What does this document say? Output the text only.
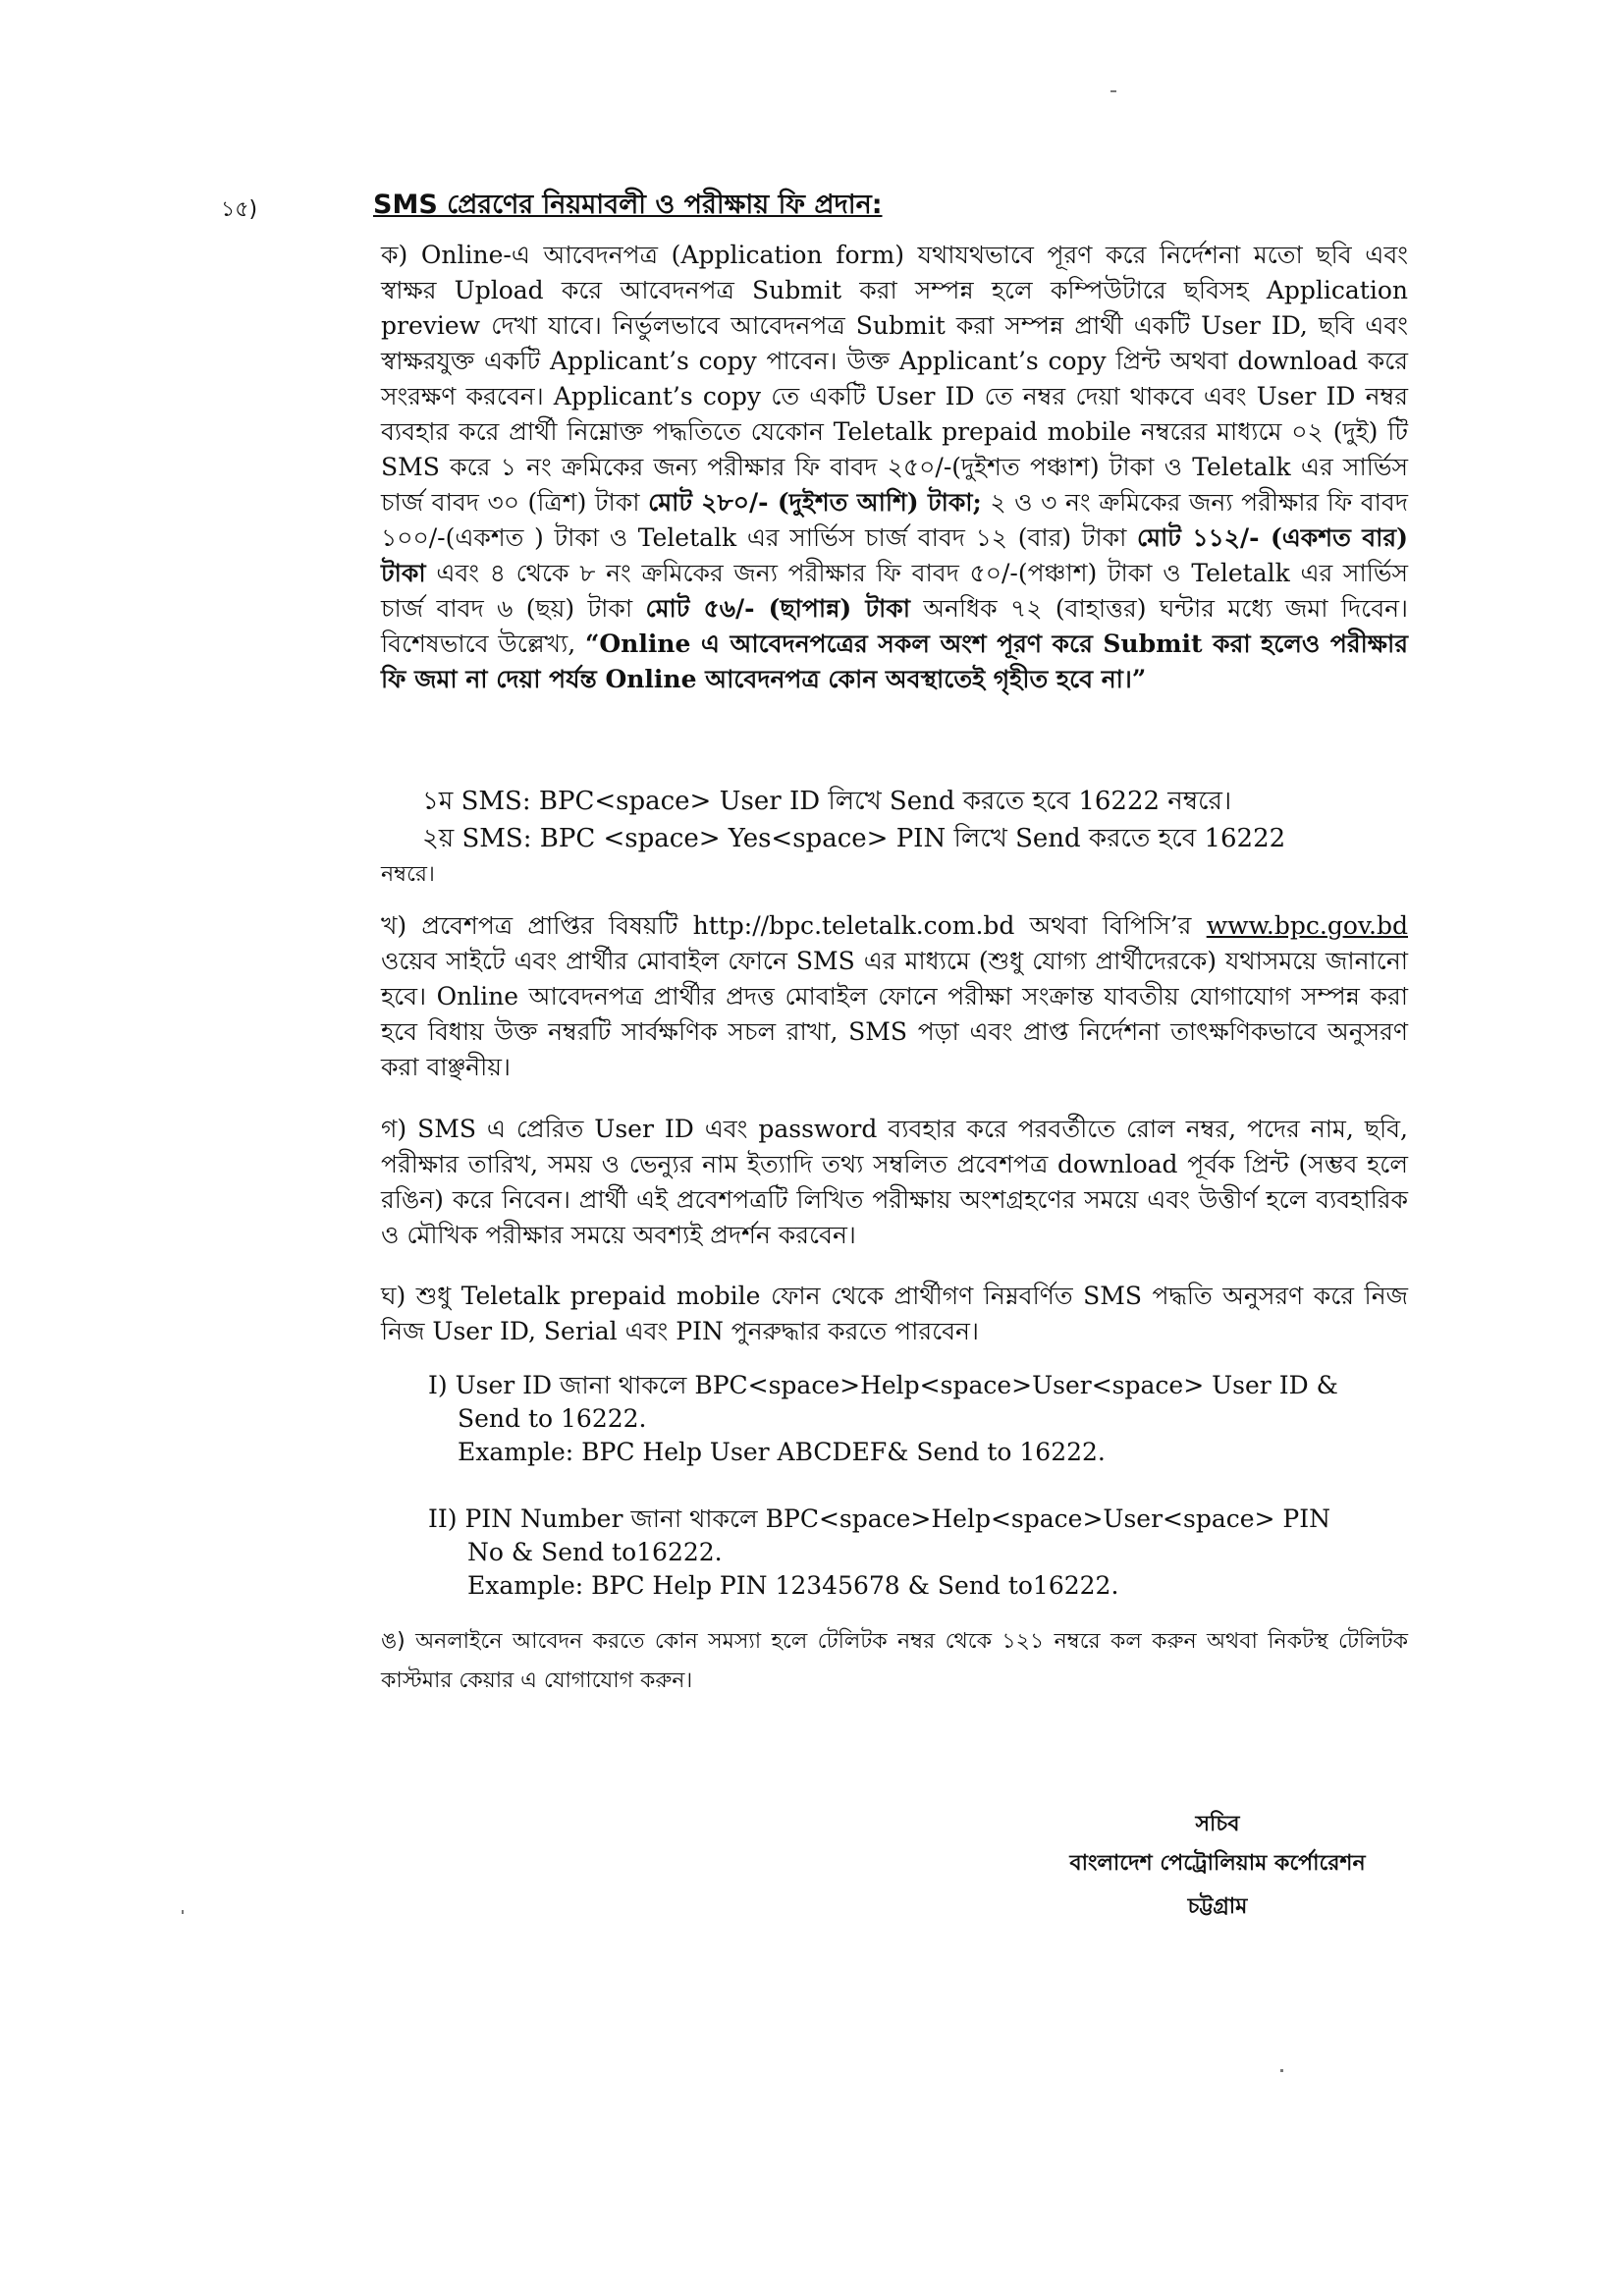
১৫)	SMS প্রেরণের নিয়মাবলী ও পরীক্ষায় ফি প্রদান:

ক) Online-এ আবেদনপত্র (Application form) যথাযথভাবে পূরণ করে নির্দেশনা মতো ছবি এবং স্বাক্ষর Upload করে আবেদনপত্র Submit করা সম্পন্ন হলে কম্পিউটারে ছবিসহ Application preview দেখা যাবে। নির্ভুলভাবে আবেদনপত্র Submit করা সম্পন্ন প্রার্থী একটি User ID, ছবি এবং স্বাক্ষরযুক্ত একটি Applicant’s copy পাবেন। উক্ত Applicant’s copy প্রিন্ট অথবা download করে সংরক্ষণ করবেন। Applicant’s copy তে একটি User ID তে নম্বর দেয়া থাকবে এবং User ID নম্বর ব্যবহার করে প্রার্থী নিম্নোক্ত পদ্ধতিতে যেকোন Teletalk prepaid mobile নম্বরের মাধ্যমে ০২ (দুই) টি SMS করে ১ নং ক্রমিকের জন্য পরীক্ষার ফি বাবদ ২৫০/-(দুইশত পঞ্চাশ) টাকা ও Teletalk এর সার্ভিস চার্জ বাবদ ৩০ (ত্রিশ) টাকা মোট ২৮০/- (দুইশত আশি) টাকা; ২ ও ৩ নং ক্রমিকের জন্য পরীক্ষার ফি বাবদ ১০০/-(একশত ) টাকা ও Teletalk এর সার্ভিস চার্জ বাবদ ১২ (বার) টাকা মোট ১১২/- (একশত বার) টাকা এবং ৪ থেকে ৮ নং ক্রমিকের জন্য পরীক্ষার ফি বাবদ ৫০/-(পঞ্চাশ) টাকা ও Teletalk এর সার্ভিস চার্জ বাবদ ৬ (ছয়) টাকা মোট ৫৬/- (ছাপান্ন) টাকা অনধিক ৭২ (বাহাত্তর) ঘন্টার মধ্যে জমা দিবেন। বিশেষভাবে উল্লেখ্য, “Online এ আবেদনপত্রের সকল অংশ পূরণ করে Submit করা হলেও পরীক্ষার ফি জমা না দেয়া পর্যন্ত Online আবেদনপত্র কোন অবস্থাতেই গৃহীত হবে না।”

১ম SMS: BPC<space> User ID লিখে Send করতে হবে 16222 নম্বরে।
২য় SMS: BPC <space> Yes<space> PIN লিখে Send করতে হবে 16222
নম্বরে।

খ) প্রবেশপত্র প্রাপ্তির বিষয়টি http://bpc.teletalk.com.bd অথবা বিপিসি’র www.bpc.gov.bd ওয়েব সাইটে এবং প্রার্থীর মোবাইল ফোনে SMS এর মাধ্যমে (শুধু যোগ্য প্রার্থীদেরকে) যথাসময়ে জানানো হবে। Online আবেদনপত্র প্রার্থীর প্রদত্ত মোবাইল ফোনে পরীক্ষা সংক্রান্ত যাবতীয় যোগাযোগ সম্পন্ন করা হবে বিধায় উক্ত নম্বরটি সার্বক্ষণিক সচল রাখা, SMS পড়া এবং প্রাপ্ত নির্দেশনা তাৎক্ষণিকভাবে অনুসরণ করা বাঞ্ছনীয়।

গ) SMS এ প্রেরিত User ID এবং password ব্যবহার করে পরবর্তীতে রোল নম্বর, পদের নাম, ছবি, পরীক্ষার তারিখ, সময় ও ভেন্যুর নাম ইত্যাদি তথ্য সম্বলিত প্রবেশপত্র download পূর্বক প্রিন্ট (সম্ভব হলে রঙিন) করে নিবেন। প্রার্থী এই প্রবেশপত্রটি লিখিত পরীক্ষায় অংশগ্রহণের সময়ে এবং উত্তীর্ণ হলে ব্যবহারিক ও মৌখিক পরীক্ষার সময়ে অবশ্যই প্রদর্শন করবেন।
ঘ) শুধু Teletalk prepaid mobile ফোন থেকে প্রার্থীগণ নিম্নবর্ণিত SMS পদ্ধতি অনুসরণ করে নিজ নিজ User ID, Serial এবং PIN পুনরুদ্ধার করতে পারবেন।
I) User ID জানা থাকলে BPC<space>Help<space>User<space> User ID &
Send to 16222.
Example: BPC Help User ABCDEF& Send to 16222.
II) PIN Number জানা থাকলে BPC<space>Help<space>User<space> PIN
No & Send to16222.
Example: BPC Help PIN 12345678 & Send to16222.
ঙ) অনলাইনে আবেদন করতে কোন সমস্যা হলে টেলিটক নম্বর থেকে ১২১ নম্বরে কল করুন অথবা নিকটস্থ টেলিটক কাস্টমার কেয়ার এ যোগাযোগ করুন।
সচিব
বাংলাদেশ পেট্রোলিয়াম কর্পোরেশন
চট্টগ্রাম
